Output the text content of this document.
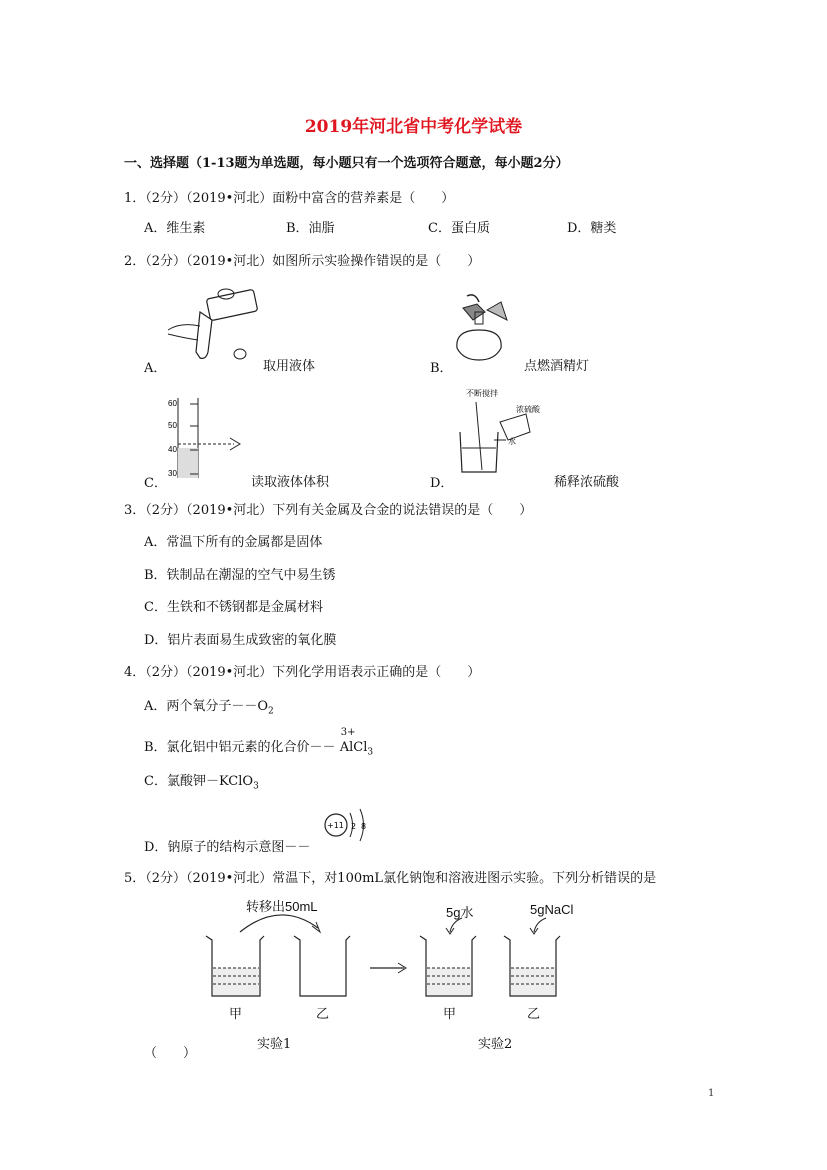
2019年河北省中考化学试卷
一、选择题（1-13题为单选题，每小题只有一个选项符合题意，每小题2分）
1．（2分）（2019•河北）面粉中富含的营养素是（　　）
A．维生素	B．油脂	C．蛋白质	D．糖类
2．（2分）（2019•河北）如图所示实验操作错误的是（　　）
A．	取用液体	B．	点燃酒精灯
60
50
40
30
C．	读取液体体积
不断搅拌
浓硫酸
水
D．	稀释浓硫酸
3．（2分）（2019•河北）下列有关金属及合金的说法错误的是（　　）
A．常温下所有的金属都是固体
B．铁制品在潮湿的空气中易生锈
C．生铁和不锈钢都是金属材料
D．铝片表面易生成致密的氧化膜
4．（2分）（2019•河北）下列化学用语表示正确的是（　　）
A．两个氧分子$--O_2$
B．氯化铝中铝元素的化合价－－
3+
AlCl$_3$
C．氯酸钾－KClO$_3$
D．钠原子的结构示意图－－
+11 2 8
5．（2分）（2019•河北）常温下，对100mL氯化钠饱和溶液进图示实验。下列分析错误的是
转移出50mL	5g水	5gNaCl
甲	乙	甲	乙
实验1	实验2
（　　）
1
